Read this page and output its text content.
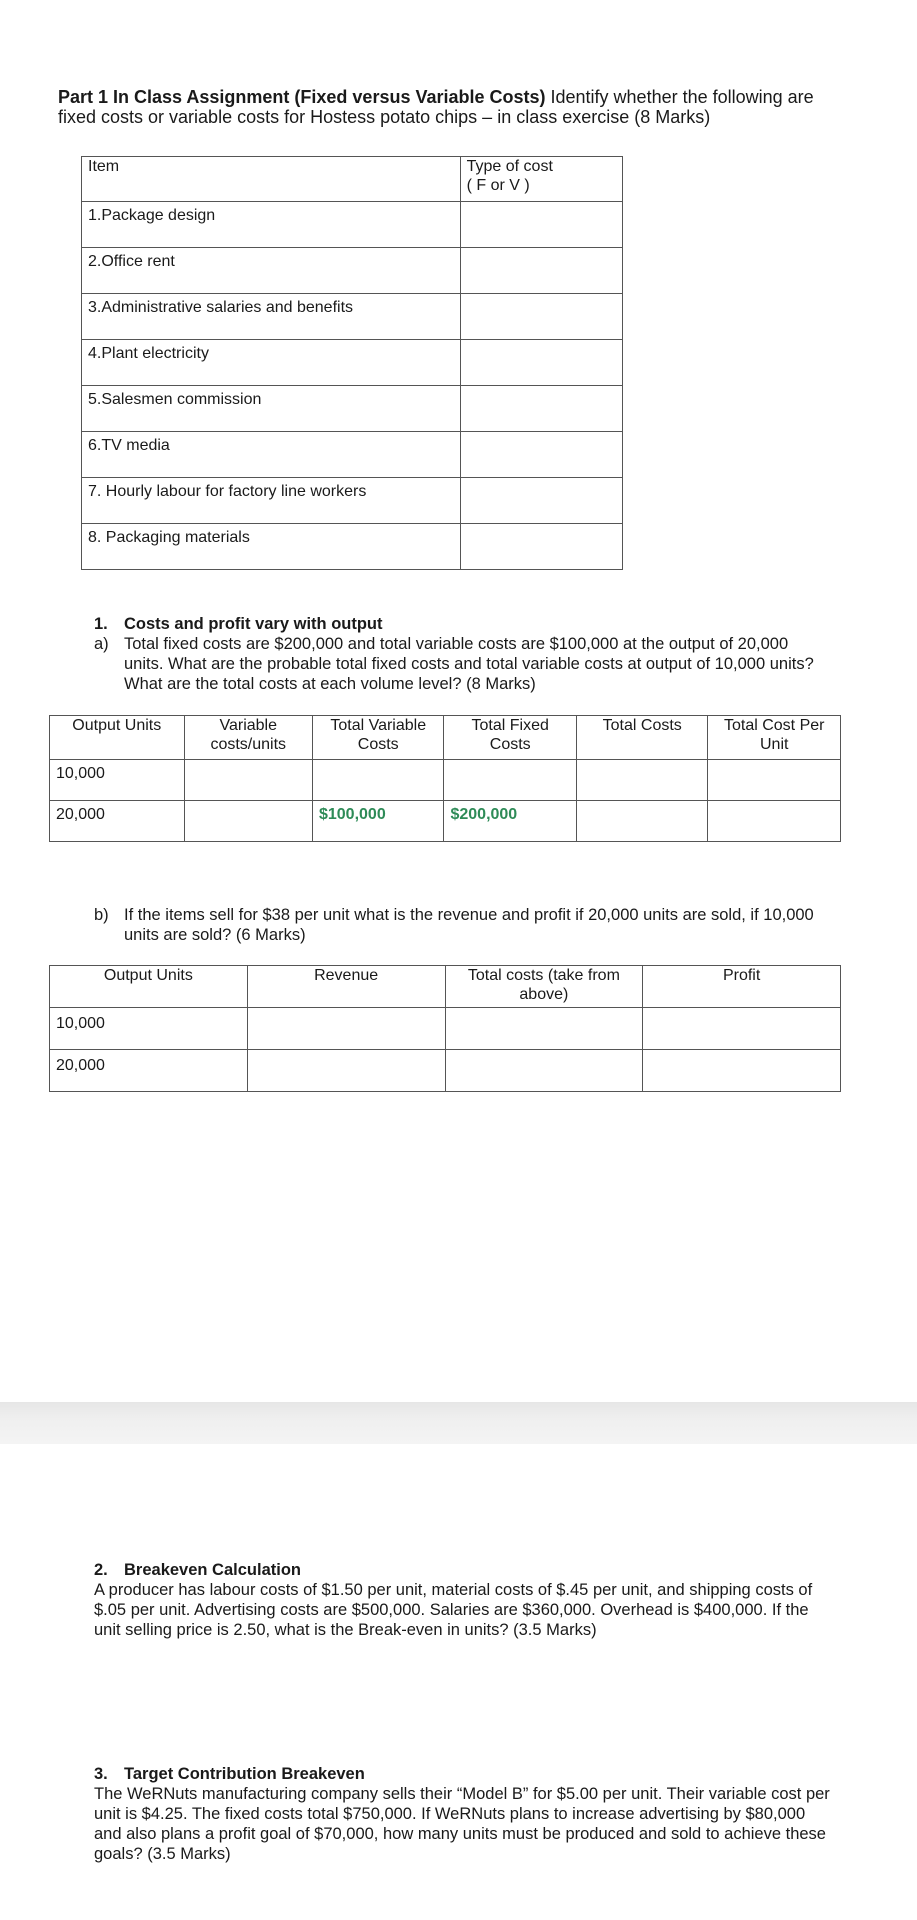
Part 1 In Class Assignment (Fixed versus Variable Costs) Identify whether the following are fixed costs or variable costs for Hostess potato chips – in class exercise (8 Marks)
Item	Type of cost
( F or V )

1.Package design	
2.Office rent	
3.Administrative salaries and benefits	
4.Plant electricity	
5.Salesmen commission	
6.TV media	
7. Hourly labour for factory line workers	
8. Packaging materials	
1. Costs and profit vary with output
a) Total fixed costs are $200,000 and total variable costs are $100,000 at the output of 20,000 units. What are the probable total fixed costs and total variable costs at output of 10,000 units? What are the total costs at each volume level? (8 Marks)
Output Units	Variable costs/units	Total Variable Costs	Total Fixed Costs	Total Costs	Total Cost Per Unit
10,000					
20,000		$100,000	$200,000		
b) If the items sell for $38 per unit what is the revenue and profit if 20,000 units are sold, if 10,000 units are sold? (6 Marks)
Output Units	Revenue	Total costs (take from above)	Profit
10,000			
20,000			
2. Breakeven Calculation
A producer has labour costs of $1.50 per unit, material costs of $.45 per unit, and shipping costs of $.05 per unit. Advertising costs are $500,000. Salaries are $360,000. Overhead is $400,000. If the unit selling price is 2.50, what is the Break-even in units? (3.5 Marks)
3. Target Contribution Breakeven
The WeRNuts manufacturing company sells their “Model B” for $5.00 per unit. Their variable cost per unit is $4.25. The fixed costs total $750,000. If WeRNuts plans to increase advertising by $80,000 and also plans a profit goal of $70,000, how many units must be produced and sold to achieve these goals? (3.5 Marks)
